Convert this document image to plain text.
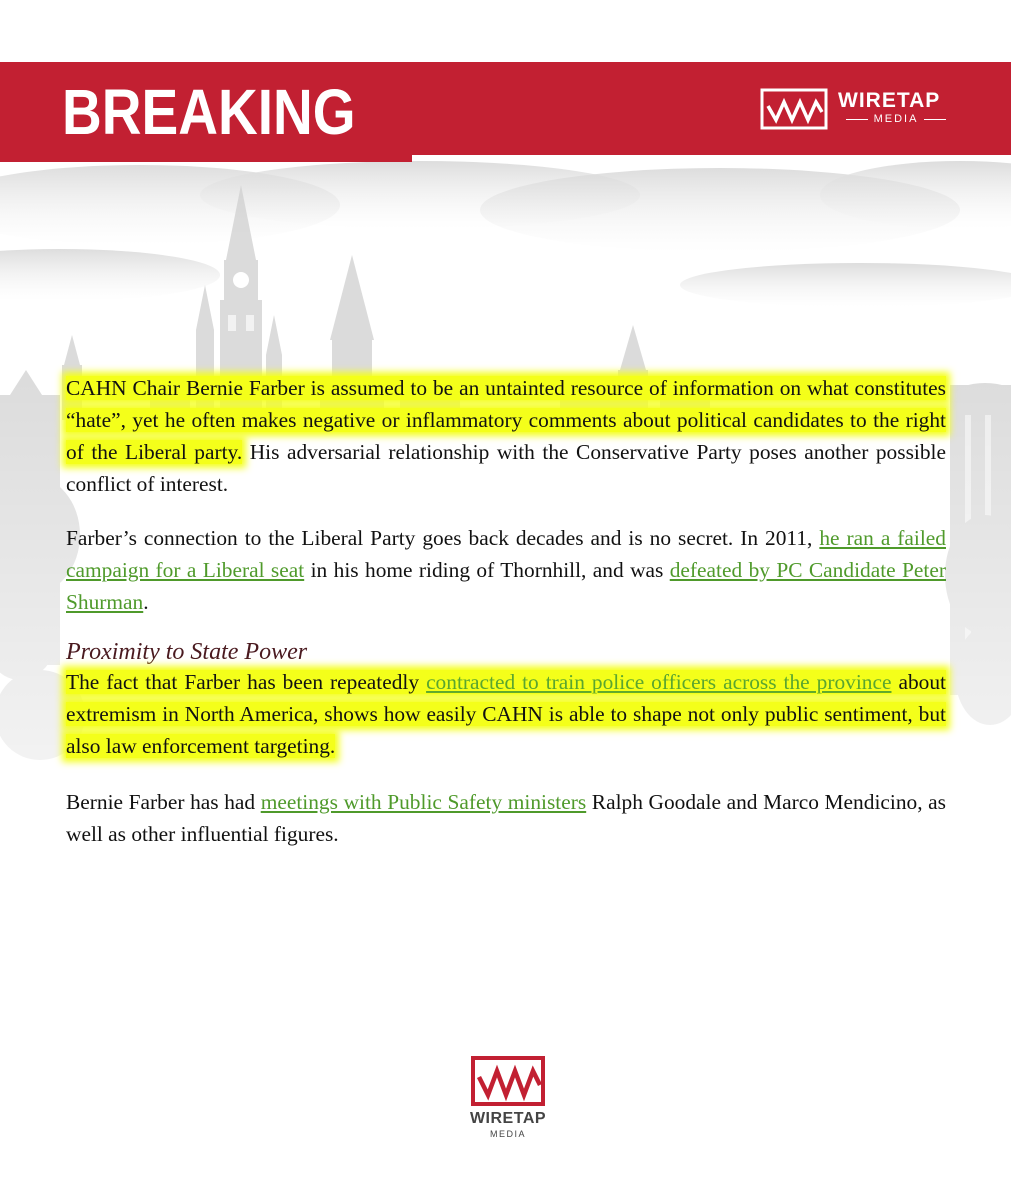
BREAKING	WIRETAP
MEDIA

CAHN Chair Bernie Farber is assumed to be an untainted resource of information on what constitutes “hate”, yet he often makes negative or inflammatory comments about political candidates to the right of the Liberal party. His adversarial relationship with the Conservative Party poses another possible conflict of interest.

Farber’s connection to the Liberal Party goes back decades and is no secret. In 2011, he ran a failed campaign for a Liberal seat in his home riding of Thornhill, and was defeated by PC Candidate Peter Shurman.

Proximity to State Power

The fact that Farber has been repeatedly contracted to train police officers across the province about extremism in North America, shows how easily CAHN is able to shape not only public sentiment, but also law enforcement targeting.

Bernie Farber has had meetings with Public Safety ministers Ralph Goodale and Marco Mendicino, as well as other influential figures.

WIRETAP
MEDIA
